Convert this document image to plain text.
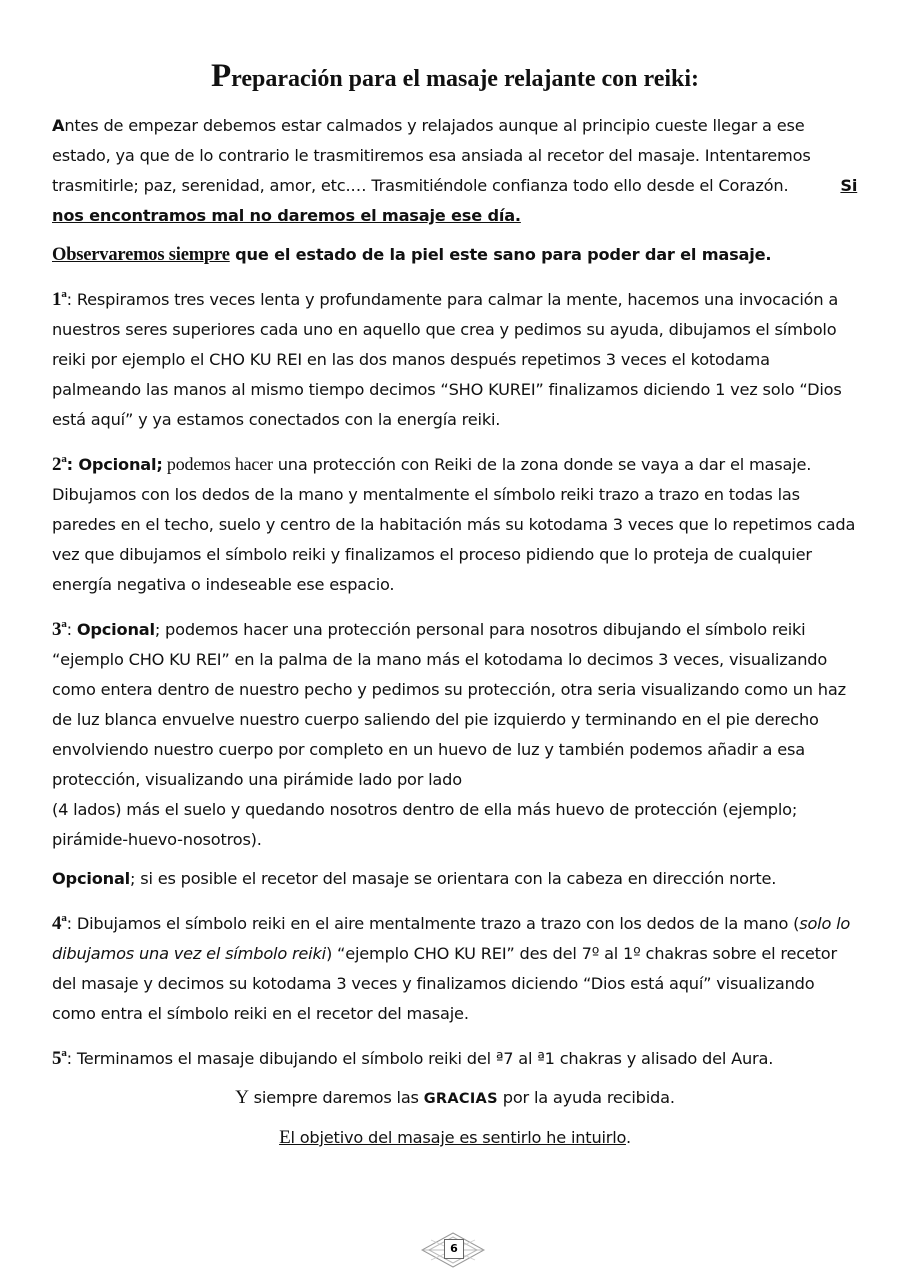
Preparación para el masaje relajante con reiki:

Antes de empezar debemos estar calmados y relajados aunque al principio cueste llegar a ese estado, ya que de lo contrario le trasmitiremos esa ansiada al recetor del masaje. Intentaremos trasmitirle; paz, serenidad, amor, etc.… Trasmitiéndole confianza todo ello desde el Corazón.	Si nos encontramos mal no daremos el masaje ese día.

Observaremos siempre que el estado de la piel este sano para poder dar el masaje.

1$^a$: Respiramos tres veces lenta y profundamente para calmar la mente, hacemos una invocación a nuestros seres superiores cada uno en aquello que crea y pedimos su ayuda, dibujamos el símbolo reiki por ejemplo el CHO KU REI en las dos manos después repetimos 3 veces el kotodama palmeando las manos al mismo tiempo decimos “SHO KUREI” finalizamos diciendo 1 vez solo “Dios está aquí” y ya estamos conectados con la energía reiki.

2$^a$: Opcional; podemos hacer una protección con Reiki de la zona donde se vaya a dar el masaje. Dibujamos con los dedos de la mano y mentalmente el símbolo reiki trazo a trazo en todas las paredes en el techo, suelo y centro de la habitación más su kotodama 3 veces que lo repetimos cada vez que dibujamos el símbolo reiki y finalizamos el proceso pidiendo que lo proteja de cualquier energía negativa o indeseable ese espacio.

3$^a$: Opcional; podemos hacer una protección personal para nosotros dibujando el símbolo reiki “ejemplo CHO KU REI” en la palma de la mano más el kotodama lo decimos 3 veces, visualizando como entera dentro de nuestro pecho y pedimos su protección, otra seria visualizando como un haz de luz blanca envuelve nuestro cuerpo saliendo del pie izquierdo y terminando en el pie derecho envolviendo nuestro cuerpo por completo en un huevo de luz y también podemos añadir a esa protección, visualizando una pirámide lado por lado
(4 lados) más el suelo y quedando nosotros dentro de ella más huevo de protección (ejemplo; pirámide-huevo-nosotros).

Opcional; si es posible el recetor del masaje se orientara con la cabeza en dirección norte.

4$^a$: Dibujamos el símbolo reiki en el aire mentalmente trazo a trazo con los dedos de la mano (solo lo dibujamos una vez el símbolo reiki) “ejemplo CHO KU REI” des del 7º al 1º chakras sobre el recetor del masaje y decimos su kotodama 3 veces y finalizamos diciendo “Dios está aquí” visualizando como entra el símbolo reiki en el recetor del masaje.

5$^a$: Terminamos el masaje dibujando el símbolo reiki del ª7 al ª1 chakras y alisado del Aura.

Y siempre daremos las GRACIAS por la ayuda recibida.

El objetivo del masaje es sentirlo he intuirlo.

6
